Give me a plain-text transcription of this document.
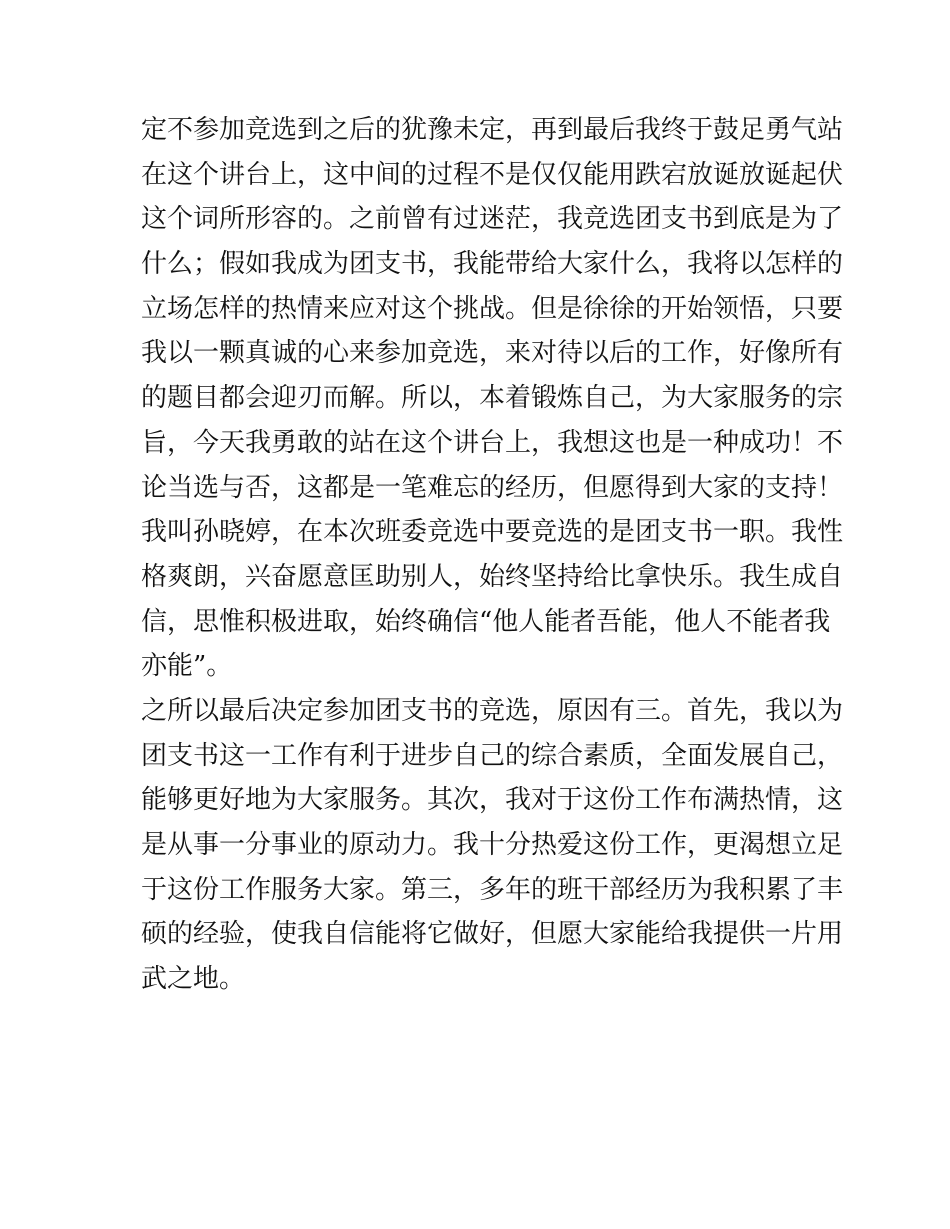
定不参加竞选到之后的犹豫未定，再到最后我终于鼓足勇气站
在这个讲台上，这中间的过程不是仅仅能用跌宕放诞放诞起伏
这个词所形容的。之前曾有过迷茫，我竞选团支书到底是为了
什么；假如我成为团支书，我能带给大家什么，我将以怎样的
立场怎样的热情来应对这个挑战。但是徐徐的开始领悟，只要
我以一颗真诚的心来参加竞选，来对待以后的工作，好像所有
的题目都会迎刃而解。所以，本着锻炼自己，为大家服务的宗
旨，今天我勇敢的站在这个讲台上，我想这也是一种成功！不
论当选与否，这都是一笔难忘的经历，但愿得到大家的支持！
我叫孙晓婷，在本次班委竞选中要竞选的是团支书一职。我性
格爽朗，兴奋愿意匡助别人，始终坚持给比拿快乐。我生成自
信，思惟积极进取，始终确信“他人能者吾能，他人不能者我
亦能”。
之所以最后决定参加团支书的竞选，原因有三。首先，我以为
团支书这一工作有利于进步自己的综合素质，全面发展自己，
能够更好地为大家服务。其次，我对于这份工作布满热情，这
是从事一分事业的原动力。我十分热爱这份工作，更渴想立足
于这份工作服务大家。第三，多年的班干部经历为我积累了丰
硕的经验，使我自信能将它做好，但愿大家能给我提供一片用
武之地。
